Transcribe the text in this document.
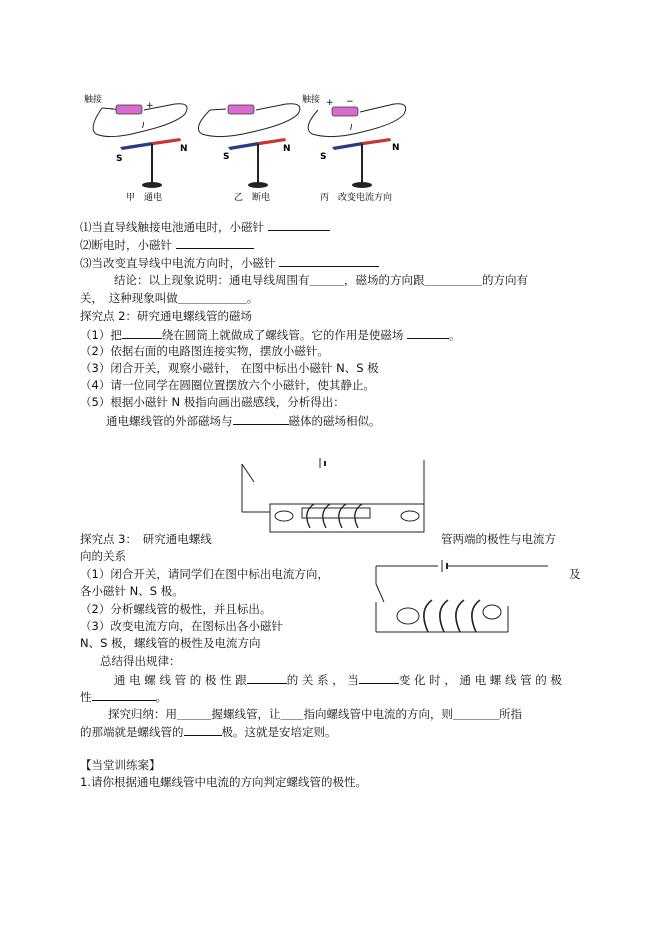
触接
−	+
I
S
N
甲　通电
S
N
乙　断电
触接 + −
I
S
N
丙　改变电流方向
⑴当直导线触接电池通电时，小磁针
⑵断电时，小磁针
⑶当改变直导线中电流方向时，小磁针
结论：以上现象说明：通电导线周围有＿＿＿，磁场的方向跟＿＿＿＿＿的方向有
关，　这种现象叫做＿＿＿＿＿＿。
探究点 2：研究通电螺线管的磁场
（1）把	绕在圆筒上就做成了螺线管。它的作用是使磁场	。
（2）依据右面的电路图连接实物，摆放小磁针。
（3）闭合开关，观察小磁针， 在图中标出小磁针 N、S 极
（4）请一位同学在圆圈位置摆放六个小磁针，使其静止。
（5）根据小磁针 N 极指向画出磁感线，分析得出：
通电螺线管的外部磁场与	磁体的磁场相似。
探究点 3：　研究通电螺线	管两端的极性与电流方
向的关系
（1）闭合开关，请同学们在图中标出电流方向，	及
各小磁针 N、S 极。
（2）分析螺线管的极性，并且标出。
（3）改变电流方向，在图标出各小磁针
N、S 极，螺线管的极性及电流方向
总结得出规律：
通 电 螺 线 管 的 极 性 跟	的 关 系 ， 当	变 化 时 ， 通 电 螺 线 管 的 极
性	。
探究归纳：用＿＿＿握螺线管，让＿＿指向螺线管中电流的方向，则＿＿＿＿所指
的那端就是螺线管的	极。这就是安培定则。
【当堂训练案】
1.请你根据通电螺线管中电流的方向判定螺线管的极性。
